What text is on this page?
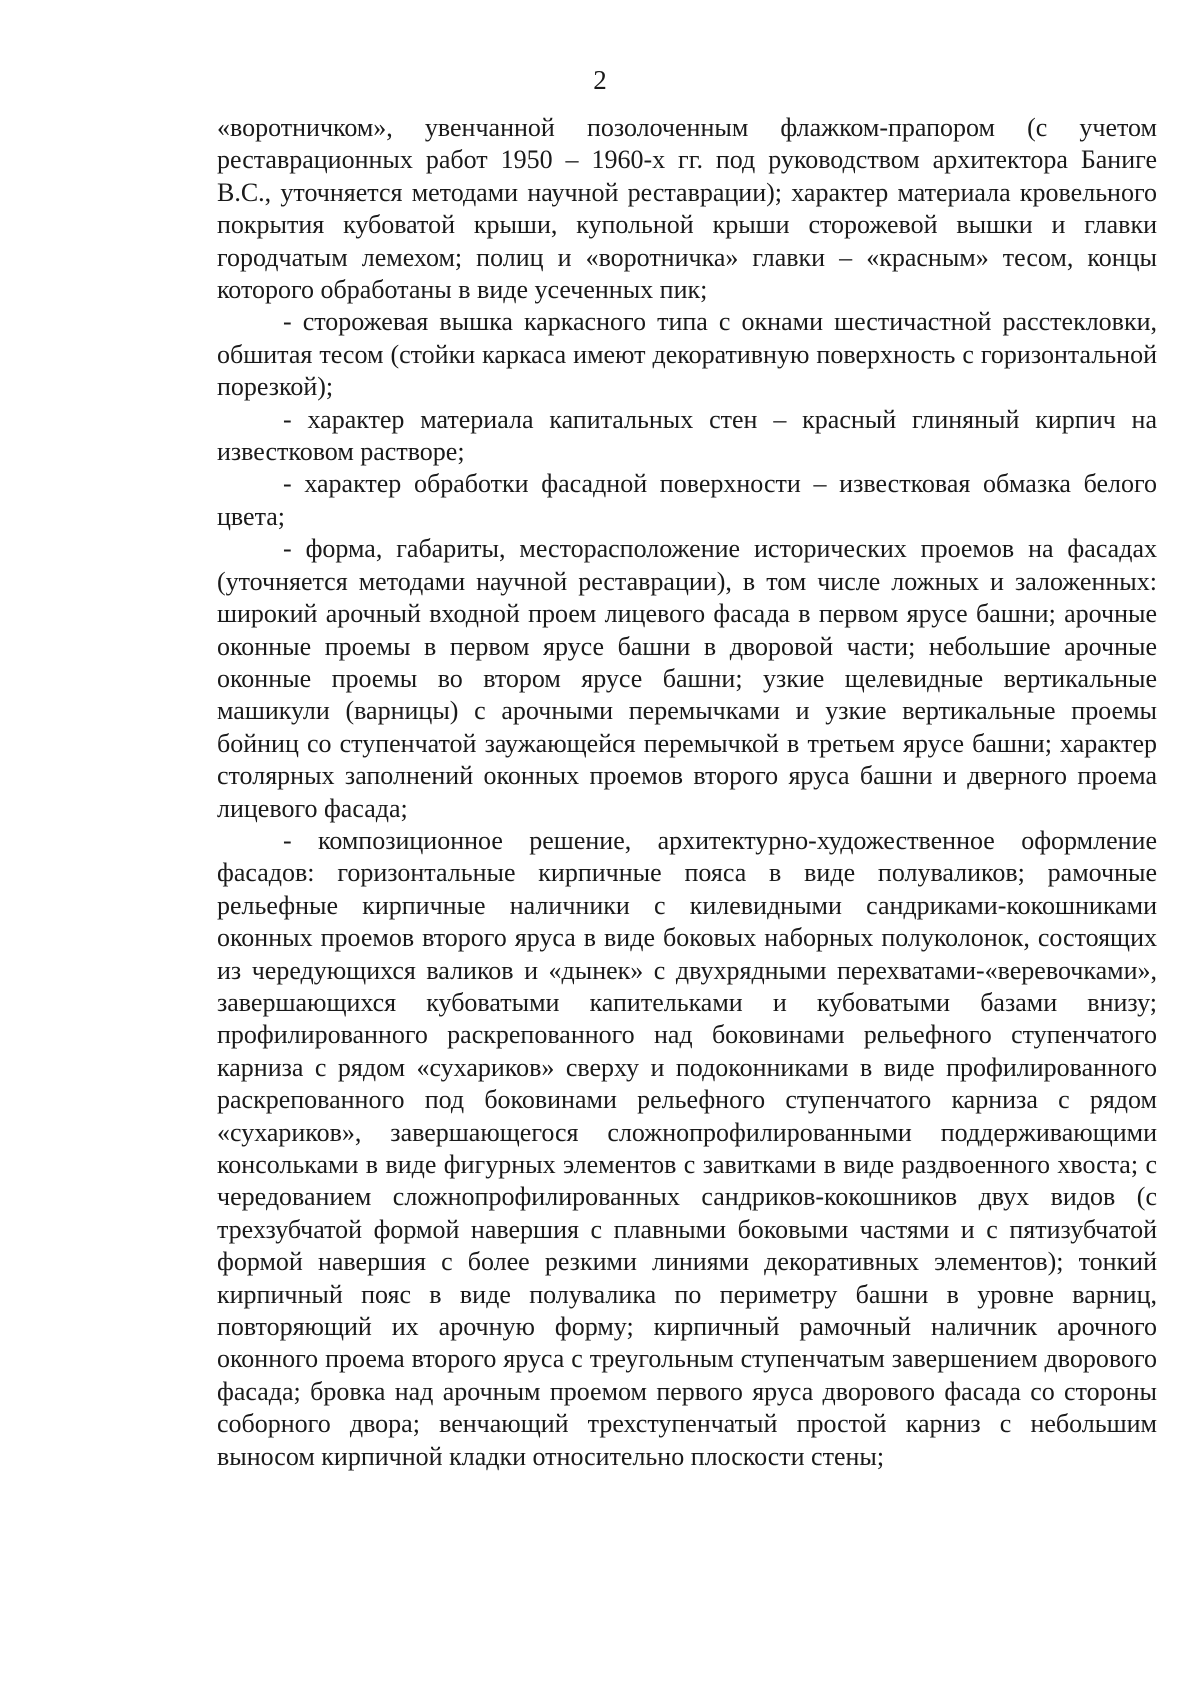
2

«воротничком», увенчанной позолоченным флажком-прапором (с учетом реставрационных работ 1950 – 1960-х гг. под руководством архитектора Баниге В.С., уточняется методами научной реставрации); характер материала кровельного покрытия кубоватой крыши, купольной крыши сторожевой вышки и главки городчатым лемехом; полиц и «воротничка» главки – «красным» тесом, концы которого обработаны в виде усеченных пик;

- сторожевая вышка каркасного типа с окнами шестичастной расстекловки, обшитая тесом (стойки каркаса имеют декоративную поверхность с горизонтальной порезкой);

- характер материала капитальных стен – красный глиняный кирпич на известковом растворе;

- характер обработки фасадной поверхности – известковая обмазка белого цвета;

- форма, габариты, месторасположение исторических проемов на фасадах (уточняется методами научной реставрации), в том числе ложных и заложенных: широкий арочный входной проем лицевого фасада в первом ярусе башни; арочные оконные проемы в первом ярусе башни в дворовой части; небольшие арочные оконные проемы во втором ярусе башни; узкие щелевидные вертикальные машикули (варницы) с арочными перемычками и узкие вертикальные проемы бойниц со ступенчатой заужающейся перемычкой в третьем ярусе башни; характер столярных заполнений оконных проемов второго яруса башни и дверного проема лицевого фасада;

- композиционное решение, архитектурно-художественное оформление фасадов: горизонтальные кирпичные пояса в виде полуваликов; рамочные рельефные кирпичные наличники с килевидными сандриками-кокошниками оконных проемов второго яруса в виде боковых наборных полуколонок, состоящих из чередующихся валиков и «дынек» с двухрядными перехватами-«веревочками», завершающихся кубоватыми капительками и кубоватыми базами внизу; профилированного раскрепованного над боковинами рельефного ступенчатого карниза с рядом «сухариков» сверху и подоконниками в виде профилированного раскрепованного под боковинами рельефного ступенчатого карниза с рядом «сухариков», завершающегося сложнопрофилированными поддерживающими консольками в виде фигурных элементов с завитками в виде раздвоенного хвоста; с чередованием сложнопрофилированных сандриков-кокошников двух видов (с трехзубчатой формой навершия с плавными боковыми частями и с пятизубчатой формой навершия с более резкими линиями декоративных элементов); тонкий кирпичный пояс в виде полувалика по периметру башни в уровне варниц, повторяющий их арочную форму; кирпичный рамочный наличник арочного оконного проема второго яруса с треугольным ступенчатым завершением дворового фасада; бровка над арочным проемом первого яруса дворового фасада со стороны соборного двора; венчающий трехступенчатый простой карниз с небольшим выносом кирпичной кладки относительно плоскости стены;
